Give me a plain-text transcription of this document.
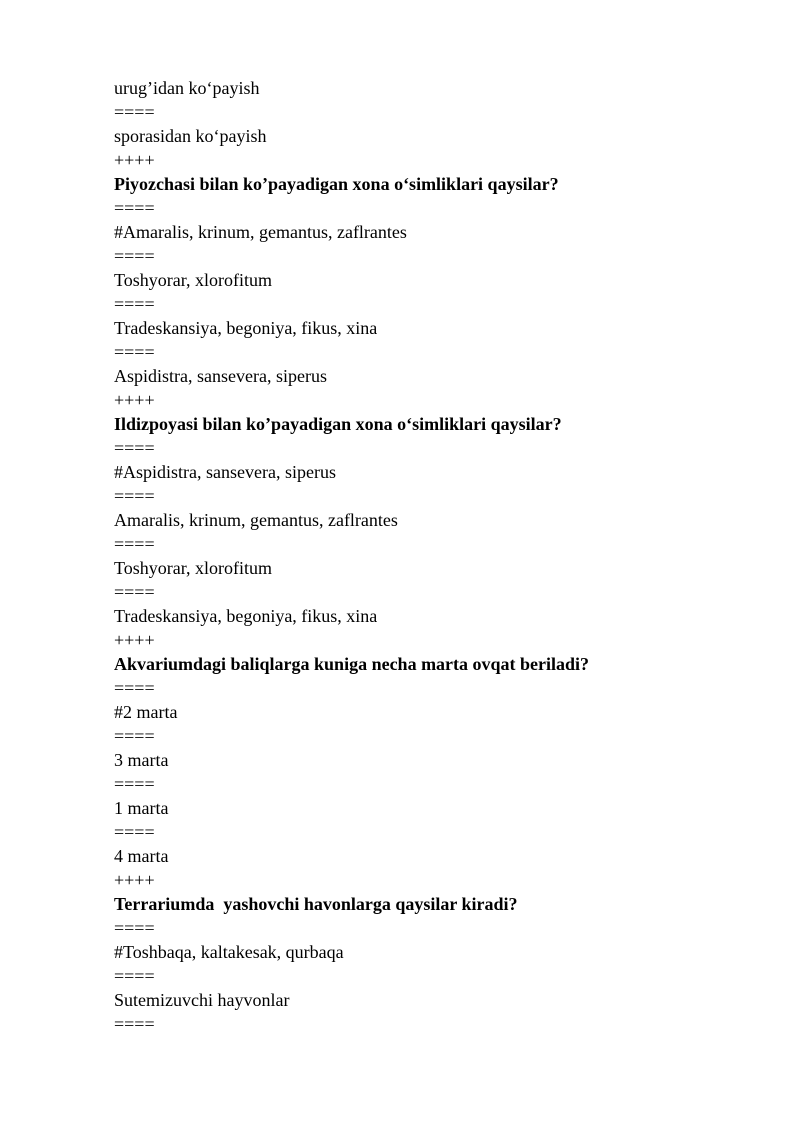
urug’idan ko‘payish
====
sporasidan ko‘payish
++++
Piyozchasi bilan ko’payadigan xona o‘simliklari qaysilar?
====
#Amaralis, krinum, gemantus, zaflrantes
====
Toshyorar, xlorofitum
====
Tradeskansiya, begoniya, fikus, xina
====
Aspidistra, sansevera, siperus
++++
Ildizpoyasi bilan ko’payadigan xona o‘simliklari qaysilar?
====
#Aspidistra, sansevera, siperus
====
Amaralis, krinum, gemantus, zaflrantes
====
Toshyorar, xlorofitum
====
Tradeskansiya, begoniya, fikus, xina
++++
Akvariumdagi baliqlarga kuniga necha marta ovqat beriladi?
====
#2 marta
====
3 marta
====
1 marta
====
4 marta
++++
Terrariumda  yashovchi havonlarga qaysilar kiradi?
====
#Toshbaqa, kaltakesak, qurbaqa
====
Sutemizuvchi hayvonlar
====
